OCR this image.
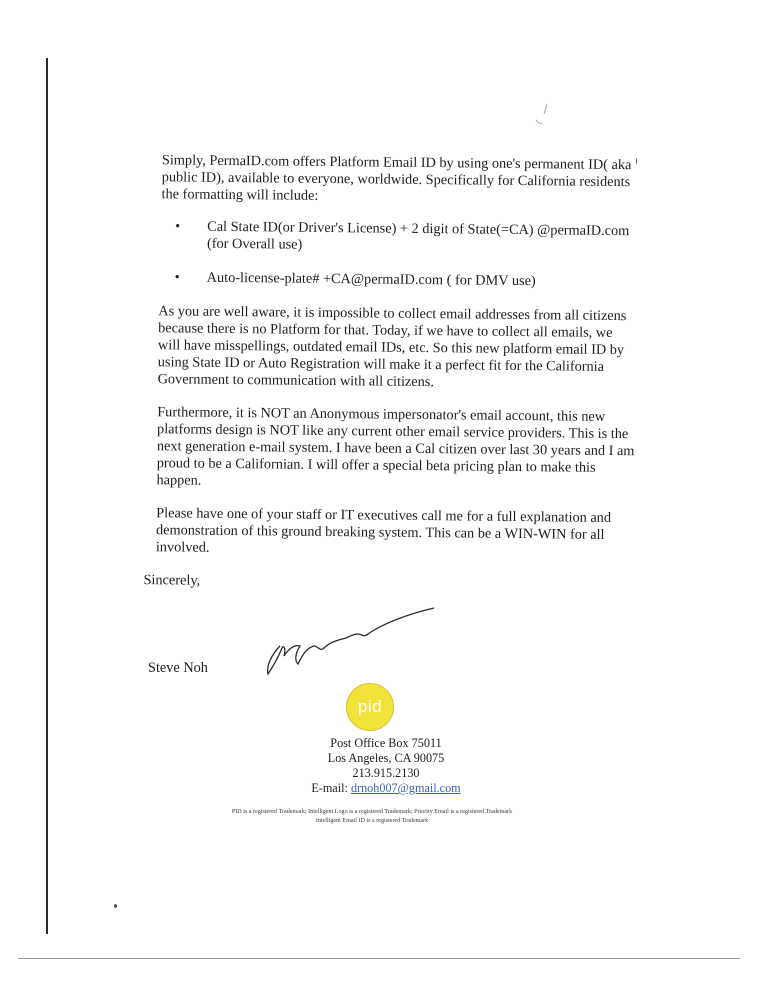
Simply, PermaID.com offers Platform Email ID by using one's permanent ID( aka public ID), available to everyone, worldwide. Specifically for California residents the formatting will include:

• Cal State ID(or Driver's License) + 2 digit of State(=CA) @permaID.com (for Overall use)
• Auto-license-plate# +CA@permaID.com ( for DMV use)

As you are well aware, it is impossible to collect email addresses from all citizens because there is no Platform for that. Today, if we have to collect all emails, we will have misspellings, outdated email IDs, etc. So this new platform email ID by using State ID or Auto Registration will make it a perfect fit for the California Government to communication with all citizens.

Furthermore, it is NOT an Anonymous impersonator's email account, this new platforms design is NOT like any current other email service providers. This is the next generation e-mail system. I have been a Cal citizen over last 30 years and I am proud to be a Californian. I will offer a special beta pricing plan to make this happen.

Please have one of your staff or IT executives call me for a full explanation and demonstration of this ground breaking system. This can be a WIN-WIN for all involved.

Sincerely,

Steve Noh
pid
Post Office Box 75011
Los Angeles, CA 90075
213.915.2130
E-mail: drnoh007@gmail.com
PID is a registered Trademark; Intelligent Logo is a registered Trademark; Priority Email is a registered Trademark
Intelligent Email ID is a registered Trademark
